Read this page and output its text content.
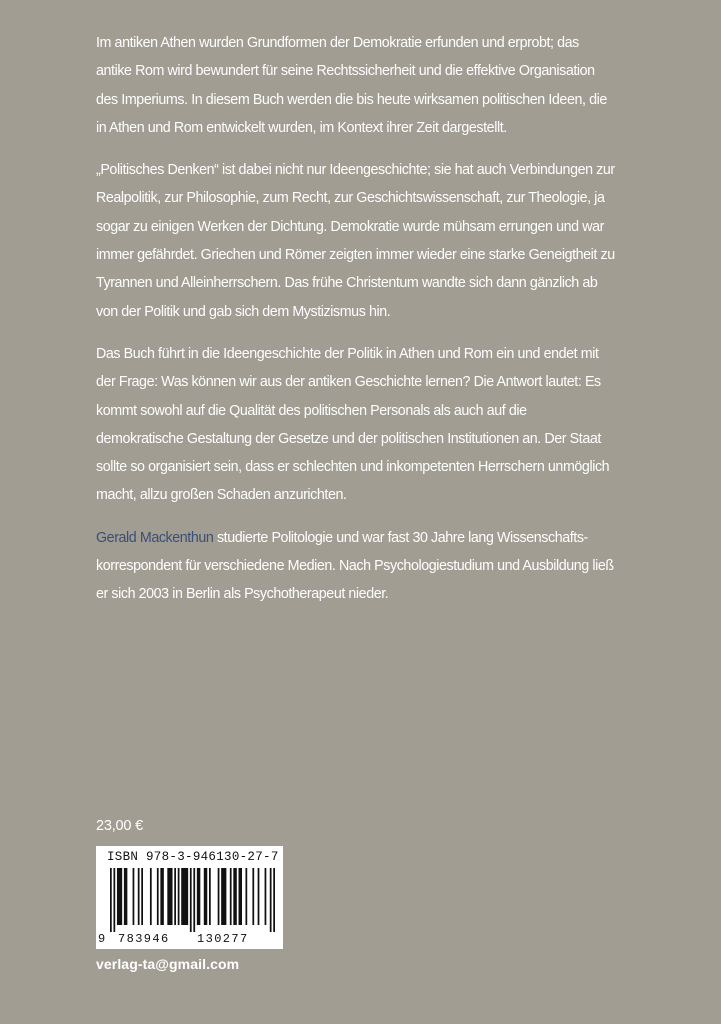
Im antiken Athen wurden Grundformen der Demokratie erfunden und erprobt; das antike Rom wird bewundert für seine Rechtssicherheit und die effektive Organisation des Imperiums. In diesem Buch werden die bis heute wirksamen politischen Ideen, die in Athen und Rom entwickelt wurden, im Kontext ihrer Zeit dargestellt.

„Politisches Denken“ ist dabei nicht nur Ideengeschichte; sie hat auch Verbindungen zur Realpolitik, zur Philosophie, zum Recht, zur Geschichtswissenschaft, zur Theologie, ja sogar zu einigen Werken der Dichtung. Demokratie wurde mühsam errungen und war immer gefährdet. Griechen und Römer zeigten immer wieder eine starke Geneigtheit zu Tyrannen und Alleinherrschern. Das frühe Christentum wandte sich dann gänzlich ab von der Politik und gab sich dem Mystizismus hin.

Das Buch führt in die Ideengeschichte der Politik in Athen und Rom ein und endet mit der Frage: Was können wir aus der antiken Geschichte lernen? Die Antwort lautet: Es kommt sowohl auf die Qualität des politischen Personals als auch auf die demokratische Gestaltung der Gesetze und der politischen Institutionen an. Der Staat sollte so organisiert sein, dass er schlechten und inkompetenten Herrschern unmöglich macht, allzu großen Schaden anzurichten.

Gerald Mackenthun studierte Politologie und war fast 30 Jahre lang Wissenschafts-korrespondent für verschiedene Medien. Nach Psychologiestudium und Ausbildung ließ er sich 2003 in Berlin als Psychotherapeut nieder.

23,00 €
ISBN 978-3-946130-27-7
9 783946 130277
verlag-ta@gmail.com
